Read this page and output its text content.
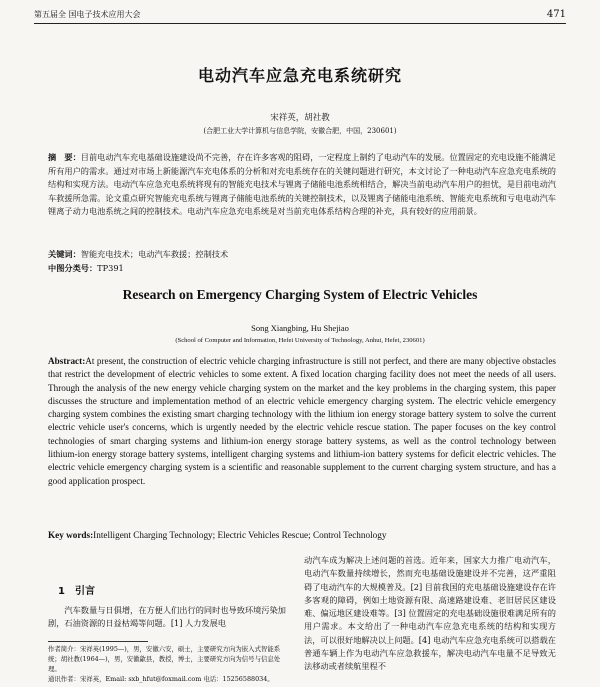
第五届全 国电子技术应用大会	471
电动汽车应急充电系统研究
宋祥英，胡社教
(合肥工业大学计算机与信息学院，安徽合肥，中国，230601)
摘　要：目前电动汽车充电基础设施建设尚不完善，存在许多客观的阻碍，一定程度上制约了电动汽车的发展。位置固定的充电设施不能满足所有用户的需求。通过对市场上新能源汽车充电体系的分析和对充电系统存在的关键问题进行研究，本文讨论了一种电动汽车应急充电系统的结构和实现方法。电动汽车应急充电系统将现有的智能充电技术与锂离子储能电池系统相结合，解决当前电动汽车用户的担忧，是目前电动汽车救援所急需。论文重点研究智能充电系统与锂离子储能电池系统的关键控制技术，以及锂离子储能电池系统、智能充电系统和亏电电动汽车锂离子动力电池系统之间的控制技术。电动汽车应急充电系统是对当前充电体系结构合理的补充，具有较好的应用前景。
关键词：智能充电技术；电动汽车救援；控制技术
中图分类号：TP391
Research on Emergency Charging System of Electric Vehicles
Song Xiangbing, Hu Shejiao
(School of Computer and Information, Hefei University of Technology, Anhui, Hefei, 230601)
Abstract:At present, the construction of electric vehicle charging infrastructure is still not perfect, and there are many objective obstacles that restrict the development of electric vehicles to some extent. A fixed location charging facility does not meet the needs of all users. Through the analysis of the new energy vehicle charging system on the market and the key problems in the charging system, this paper discusses the structure and implementation method of an electric vehicle emergency charging system. The electric vehicle emergency charging system combines the existing smart charging technology with the lithium ion energy storage battery system to solve the current electric vehicle user's concerns, which is urgently needed by the electric vehicle rescue station. The paper focuses on the key control technologies of smart charging systems and lithium-ion energy storage battery systems, as well as the control technology between lithium-ion energy storage battery systems, intelligent charging systems and lithium-ion battery systems for deficit electric vehicles. The electric vehicle emergency charging system is a scientific and reasonable supplement to the current charging system structure, and has a good application prospect.
Key words:Intelligent Charging Technology; Electric Vehicles Rescue; Control Technology
1　引言
汽车数量与日俱增，在方便人们出行的同时也导致环境污染加剧，石油资源的日益枯竭等问题。[1] 人力发展电
作者简介：宋祥英(1995—)，男，安徽六安，硕士，主要研究方向为嵌入式智能系统；胡社教(1964—)，男，安徽歙县，教授，博士，主要研究方向为信号与信息处理。
通讯作者：宋祥英，Email: sxb_hfut@foxmail.com 电话：15256588034。
动汽车成为解决上述问题的首选。近年来，国家大力推广电动汽车，电动汽车数量持续增长，然而充电基础设施建设并不完善，这严重阻碍了电动汽车的大规模普及。[2] 目前我国的充电基础设施建设存在许多客观的障碍，例如土地资源有限、高速路建设难、老旧居民区建设难、偏远地区建设难等。[3] 位置固定的充电基础设施很难满足所有的用户需求。本文给出了一种电动汽车应急充电系统的结构和实现方法，可以很好地解决以上问题。[4] 电动汽车应急充电系统可以搭载在普通车辆上作为电动汽车应急救援车，解决电动汽车电量不足导致无法移动或者续航里程不
